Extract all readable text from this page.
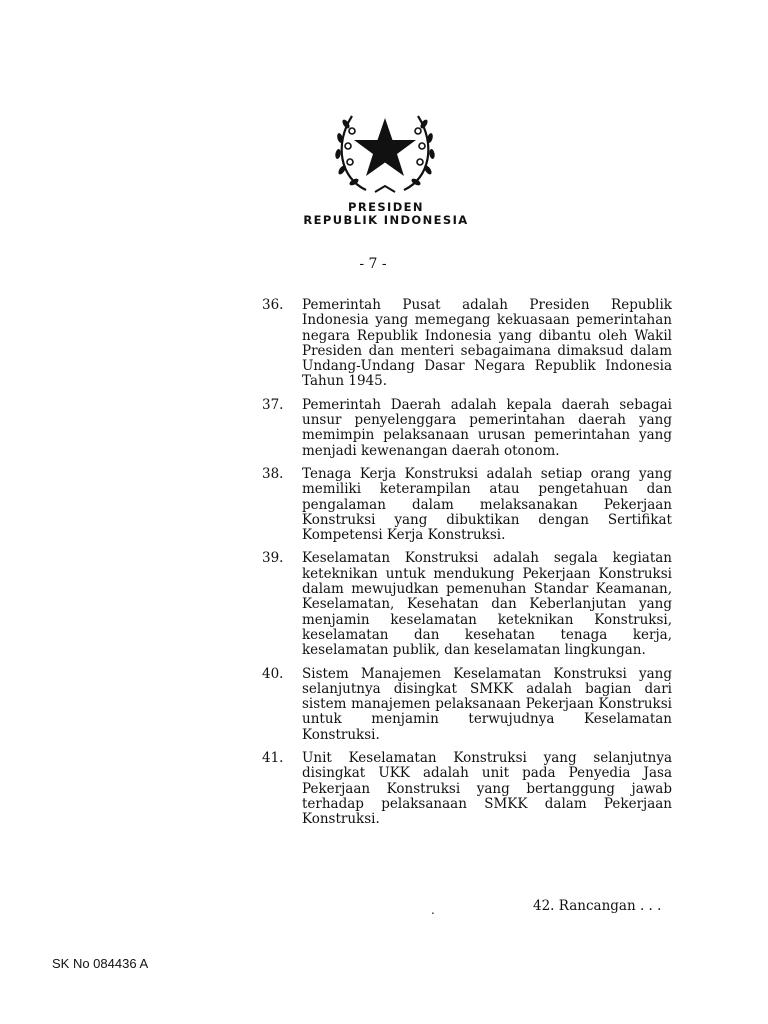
PRESIDEN
REPUBLIK INDONESIA
- 7 -
36.	Pemerintah Pusat adalah Presiden Republik Indonesia yang memegang kekuasaan pemerintahan negara Republik Indonesia yang dibantu oleh Wakil Presiden dan menteri sebagaimana dimaksud dalam Undang-Undang Dasar Negara Republik Indonesia Tahun 1945.
37.	Pemerintah Daerah adalah kepala daerah sebagai unsur penyelenggara pemerintahan daerah yang memimpin pelaksanaan urusan pemerintahan yang menjadi kewenangan daerah otonom.
38.	Tenaga Kerja Konstruksi adalah setiap orang yang memiliki keterampilan atau pengetahuan dan pengalaman dalam melaksanakan Pekerjaan Konstruksi yang dibuktikan dengan Sertifikat Kompetensi Kerja Konstruksi.
39.	Keselamatan Konstruksi adalah segala kegiatan keteknikan untuk mendukung Pekerjaan Konstruksi dalam mewujudkan pemenuhan Standar Keamanan, Keselamatan, Kesehatan dan Keberlanjutan yang menjamin keselamatan keteknikan Konstruksi, keselamatan dan kesehatan tenaga kerja, keselamatan publik, dan keselamatan lingkungan.
40.	Sistem Manajemen Keselamatan Konstruksi yang selanjutnya disingkat SMKK adalah bagian dari sistem manajemen pelaksanaan Pekerjaan Konstruksi untuk menjamin terwujudnya Keselamatan Konstruksi.
41.	Unit Keselamatan Konstruksi yang selanjutnya disingkat UKK adalah unit pada Penyedia Jasa Pekerjaan Konstruksi yang bertanggung jawab terhadap pelaksanaan SMKK dalam Pekerjaan Konstruksi.
.	42. Rancangan . . .
SK No 084436 A
